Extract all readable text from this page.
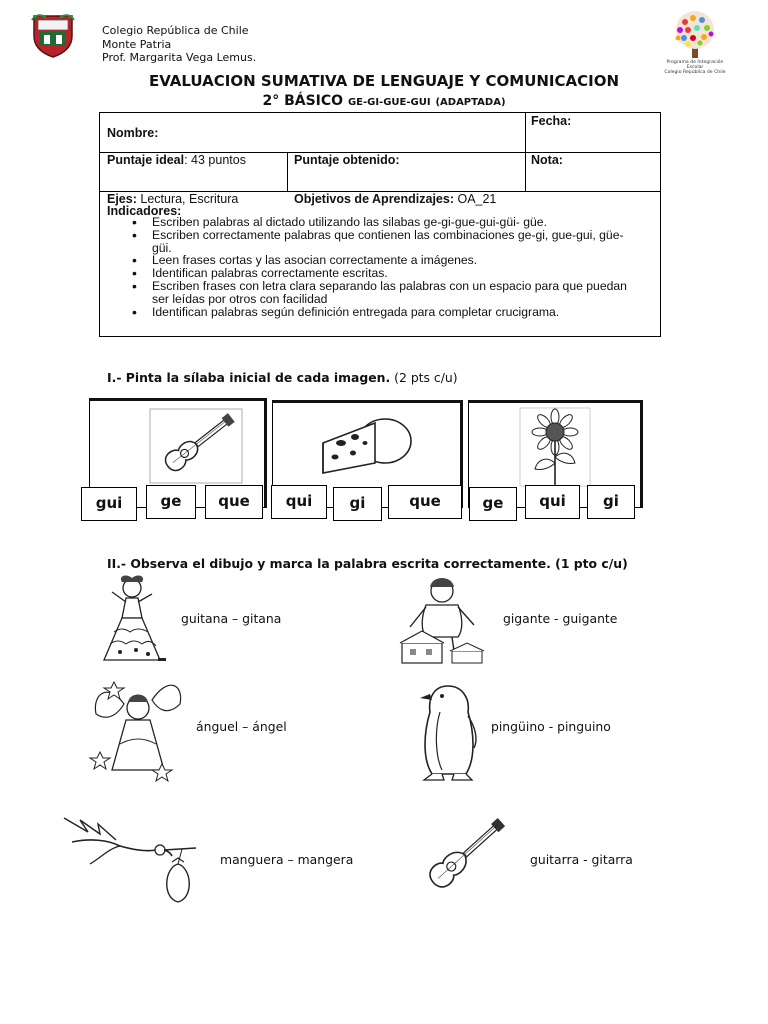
Colegio República de Chile
Monte Patria
Prof. Margarita Vega Lemus.	Programa de Integración Escolar
Colegio República de Chile
EVALUACION SUMATIVA DE LENGUAJE Y COMUNICACION
2° BÁSICO GE-GI-GUE-GUI (ADAPTADA)
Nombre:
Fecha:
Puntaje ideal: 43 puntos	Puntaje obtenido:	Nota:
Ejes: Lectura, Escritura	Objetivos de Aprendizajes: OA_21
Indicadores:
• Escriben palabras al dictado utilizando las silabas ge-gi-gue-gui-güi- güe.
• Escriben correctamente palabras que contienen las combinaciones ge-gi, gue-gui, güe-güi.
• Leen frases cortas y las asocian correctamente a imágenes.
• Identifican palabras correctamente escritas.
• Escriben frases con letra clara separando las palabras con un espacio para que puedan ser leídas por otros con facilidad
• Identifican palabras según definición entregada para completar crucigrama.
I.- Pinta la sílaba inicial de cada imagen. (2 pts c/u)
gui	ge	que	qui	gi	que	ge	qui	gi
II.- Observa el dibujo y marca la palabra escrita correctamente. (1 pto c/u)
guitana – gitana	gigante - guigante
ánguel – ángel	pingüino - pinguino
manguera – mangera	guitarra - gitarra
